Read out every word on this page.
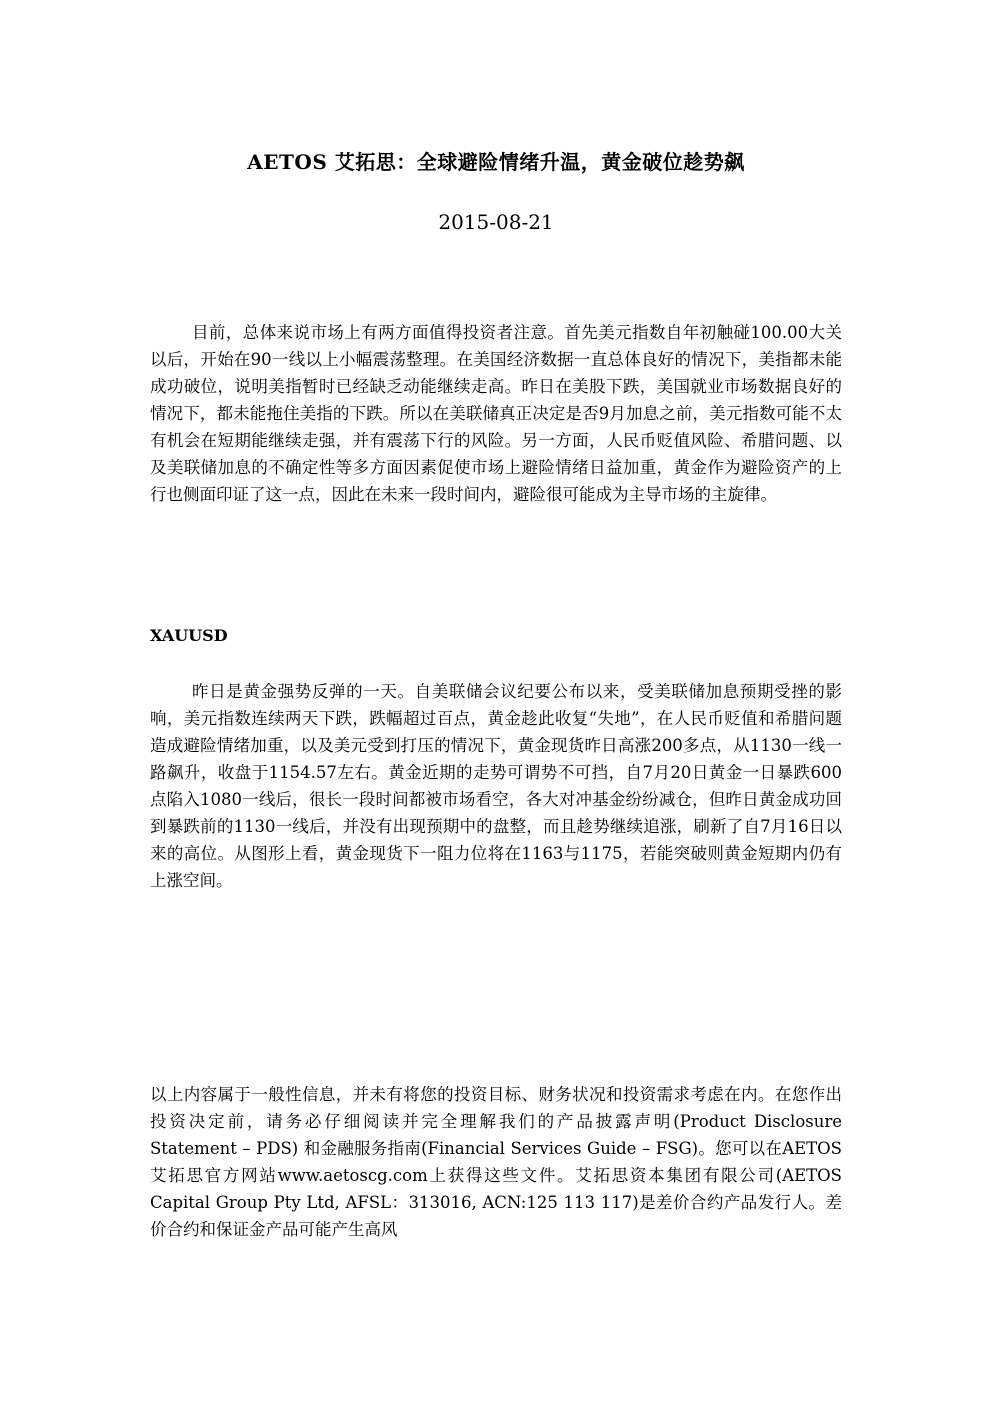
AETOS 艾拓思：全球避险情绪升温，黄金破位趁势飙
2015-08-21

目前，总体来说市场上有两方面值得投资者注意。首先美元指数自年初触碰100.00大关以后，开始在90一线以上小幅震荡整理。在美国经济数据一直总体良好的情况下，美指都未能成功破位，说明美指暂时已经缺乏动能继续走高。昨日在美股下跌，美国就业市场数据良好的情况下，都未能拖住美指的下跌。所以在美联储真正决定是否9月加息之前，美元指数可能不太有机会在短期能继续走强，并有震荡下行的风险。另一方面，人民币贬值风险、希腊问题、以及美联储加息的不确定性等多方面因素促使市场上避险情绪日益加重，黄金作为避险资产的上行也侧面印证了这一点，因此在未来一段时间内，避险很可能成为主导市场的主旋律。

XAUUSD

昨日是黄金强势反弹的一天。自美联储会议纪要公布以来，受美联储加息预期受挫的影响，美元指数连续两天下跌，跌幅超过百点，黄金趁此收复“失地”，在人民币贬值和希腊问题造成避险情绪加重，以及美元受到打压的情况下，黄金现货昨日高涨200多点，从1130一线一路飙升，收盘于1154.57左右。黄金近期的走势可谓势不可挡，自7月20日黄金一日暴跌600点陷入1080一线后，很长一段时间都被市场看空，各大对冲基金纷纷减仓，但昨日黄金成功回到暴跌前的1130一线后，并没有出现预期中的盘整，而且趁势继续追涨，刷新了自7月16日以来的高位。从图形上看，黄金现货下一阻力位将在1163与1175，若能突破则黄金短期内仍有上涨空间。

以上内容属于一般性信息，并未有将您的投资目标、财务状况和投资需求考虑在内。在您作出投资决定前，请务必仔细阅读并完全理解我们的产品披露声明(Product Disclosure Statement – PDS) 和金融服务指南(Financial Services Guide – FSG)。您可以在AETOS艾拓思官方网站www.aetoscg.com上获得这些文件。艾拓思资本集团有限公司(AETOS Capital Group Pty Ltd, AFSL：313016, ACN:125 113 117)是差价合约产品发行人。差价合约和保证金产品可能产生高风
